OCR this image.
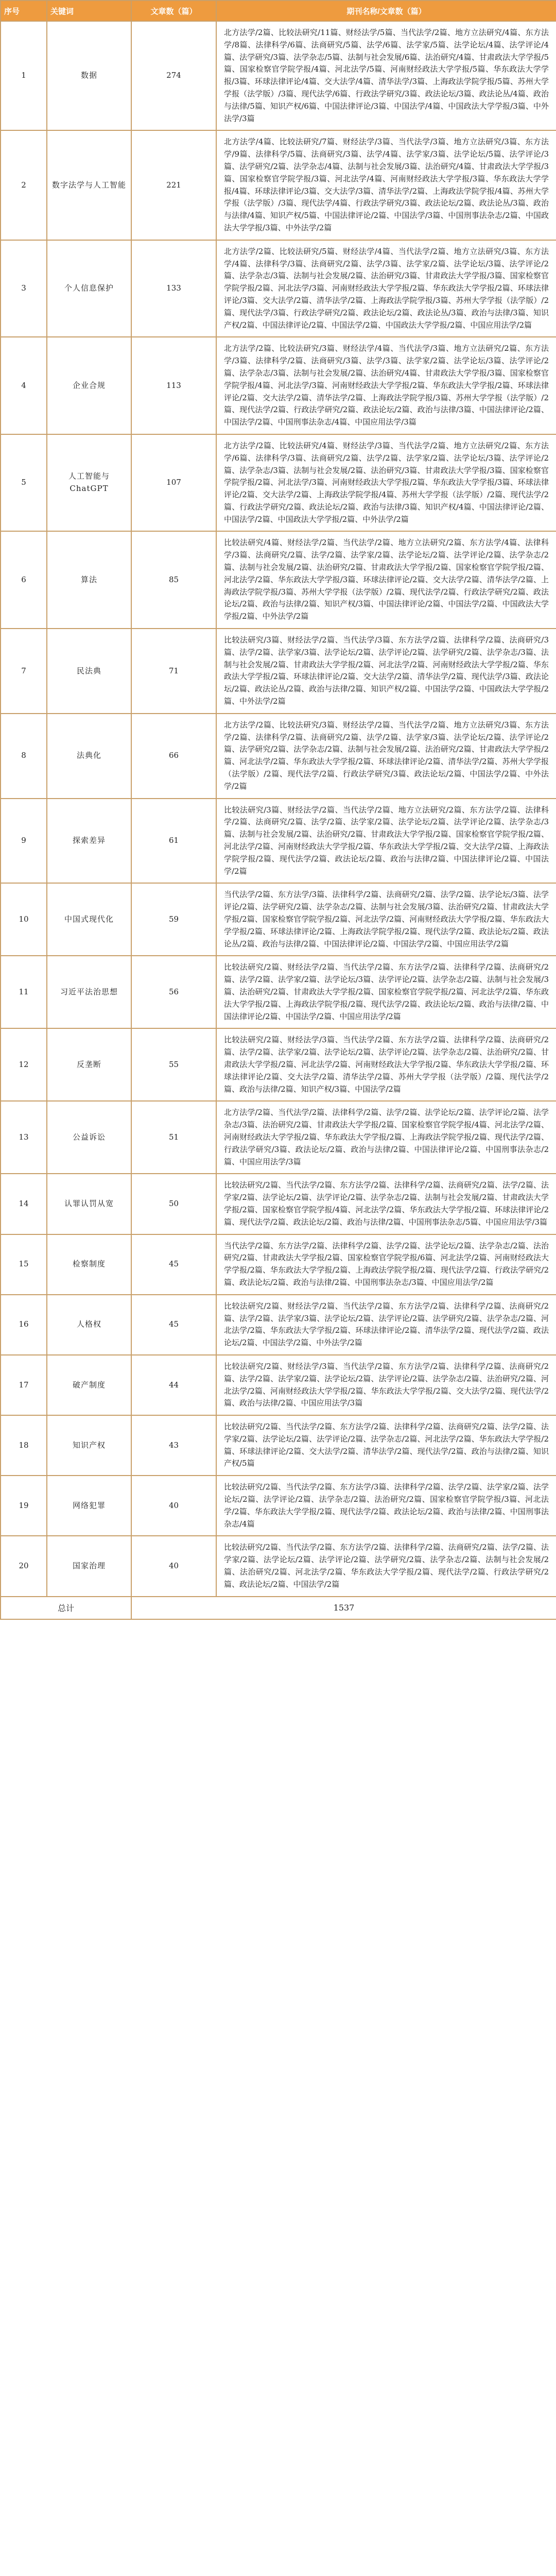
序号	关键词	文章数（篇）	期刊名称/文章数（篇）
1	数据	274	北方法学/2篇、比较法研究/11篇、财经法学/5篇、当代法学/2篇、地方立法研究/4篇、东方法学/8篇、法律科学/6篇、法商研究/5篇、法学/6篇、法学家/5篇、法学论坛/4篇、法学评论/4篇、法学研究/3篇、法学杂志/5篇、法制与社会发展/6篇、法治研究/4篇、甘肃政法大学学报/5篇、国家检察官学院学报/4篇、河北法学/5篇、河南财经政法大学学报/5篇、华东政法大学学报/3篇、环球法律评论/4篇、交大法学/4篇、清华法学/3篇、上海政法学院学报/5篇、苏州大学学报（法学版）/3篇、现代法学/6篇、行政法学研究/3篇、政法论坛/3篇、政法论丛/4篇、政治与法律/5篇、知识产权/6篇、中国法律评论/3篇、中国法学/4篇、中国政法大学学报/3篇、中外法学/3篇
2	数字法学与人工智能	221	北方法学/4篇、比较法研究/7篇、财经法学/3篇、当代法学/3篇、地方立法研究/3篇、东方法学/9篇、法律科学/5篇、法商研究/3篇、法学/4篇、法学家/3篇、法学论坛/5篇、法学评论/3篇、法学研究/2篇、法学杂志/4篇、法制与社会发展/3篇、法治研究/4篇、甘肃政法大学学报/3篇、国家检察官学院学报/3篇、河北法学/4篇、河南财经政法大学学报/3篇、华东政法大学学报/4篇、环球法律评论/3篇、交大法学/3篇、清华法学/2篇、上海政法学院学报/4篇、苏州大学学报（法学版）/3篇、现代法学/4篇、行政法学研究/3篇、政法论坛/2篇、政法论丛/3篇、政治与法律/4篇、知识产权/5篇、中国法律评论/2篇、中国法学/3篇、中国刑事法杂志/2篇、中国政法大学学报/3篇、中外法学/2篇
3	个人信息保护	133	北方法学/2篇、比较法研究/5篇、财经法学/4篇、当代法学/2篇、地方立法研究/3篇、东方法学/4篇、法律科学/3篇、法商研究/2篇、法学/3篇、法学家/2篇、法学论坛/3篇、法学评论/2篇、法学杂志/3篇、法制与社会发展/2篇、法治研究/3篇、甘肃政法大学学报/3篇、国家检察官学院学报/2篇、河北法学/3篇、河南财经政法大学学报/2篇、华东政法大学学报/2篇、环球法律评论/3篇、交大法学/2篇、清华法学/2篇、上海政法学院学报/3篇、苏州大学学报（法学版）/2篇、现代法学/3篇、行政法学研究/2篇、政法论坛/2篇、政法论丛/3篇、政治与法律/3篇、知识产权/2篇、中国法律评论/2篇、中国法学/2篇、中国政法大学学报/2篇、中国应用法学/2篇
4	企业合规	113	北方法学/2篇、比较法研究/3篇、财经法学/4篇、当代法学/3篇、地方立法研究/2篇、东方法学/3篇、法律科学/2篇、法商研究/3篇、法学/3篇、法学家/2篇、法学论坛/3篇、法学评论/2篇、法学杂志/3篇、法制与社会发展/2篇、法治研究/4篇、甘肃政法大学学报/3篇、国家检察官学院学报/4篇、河北法学/3篇、河南财经政法大学学报/2篇、华东政法大学学报/2篇、环球法律评论/2篇、交大法学/2篇、清华法学/2篇、上海政法学院学报/3篇、苏州大学学报（法学版）/2篇、现代法学/2篇、行政法学研究/2篇、政法论坛/2篇、政治与法律/3篇、中国法律评论/2篇、中国法学/2篇、中国刑事法杂志/4篇、中国应用法学/3篇
5	人工智能与ChatGPT	107	北方法学/2篇、比较法研究/4篇、财经法学/3篇、当代法学/2篇、地方立法研究/2篇、东方法学/6篇、法律科学/3篇、法商研究/2篇、法学/2篇、法学家/2篇、法学论坛/3篇、法学评论/2篇、法学杂志/3篇、法制与社会发展/2篇、法治研究/3篇、甘肃政法大学学报/3篇、国家检察官学院学报/2篇、河北法学/3篇、河南财经政法大学学报/2篇、华东政法大学学报/3篇、环球法律评论/2篇、交大法学/2篇、上海政法学院学报/4篇、苏州大学学报（法学版）/2篇、现代法学/2篇、行政法学研究/2篇、政法论坛/2篇、政治与法律/3篇、知识产权/4篇、中国法律评论/2篇、中国法学/2篇、中国政法大学学报/2篇、中外法学/2篇
6	算法	85	比较法研究/4篇、财经法学/2篇、当代法学/2篇、地方立法研究/2篇、东方法学/4篇、法律科学/3篇、法商研究/2篇、法学/2篇、法学家/2篇、法学论坛/2篇、法学评论/2篇、法学杂志/2篇、法制与社会发展/2篇、法治研究/2篇、甘肃政法大学学报/2篇、国家检察官学院学报/2篇、河北法学/2篇、华东政法大学学报/3篇、环球法律评论/2篇、交大法学/2篇、清华法学/2篇、上海政法学院学报/3篇、苏州大学学报（法学版）/2篇、现代法学/2篇、行政法学研究/2篇、政法论坛/2篇、政治与法律/2篇、知识产权/3篇、中国法律评论/2篇、中国法学/2篇、中国政法大学学报/2篇、中外法学/2篇
7	民法典	71	比较法研究/3篇、财经法学/2篇、当代法学/3篇、东方法学/2篇、法律科学/2篇、法商研究/3篇、法学/2篇、法学家/3篇、法学论坛/2篇、法学评论/2篇、法学研究/2篇、法学杂志/3篇、法制与社会发展/2篇、甘肃政法大学学报/2篇、河北法学/2篇、河南财经政法大学学报/2篇、华东政法大学学报/2篇、环球法律评论/2篇、交大法学/2篇、清华法学/2篇、现代法学/3篇、政法论坛/2篇、政法论丛/2篇、政治与法律/2篇、知识产权/2篇、中国法学/2篇、中国政法大学学报/2篇、中外法学/2篇
8	法典化	66	北方法学/2篇、比较法研究/3篇、财经法学/2篇、当代法学/2篇、地方立法研究/3篇、东方法学/2篇、法律科学/2篇、法商研究/2篇、法学/2篇、法学家/3篇、法学论坛/2篇、法学评论/2篇、法学研究/2篇、法学杂志/2篇、法制与社会发展/2篇、法治研究/2篇、甘肃政法大学学报/2篇、河北法学/2篇、华东政法大学学报/2篇、环球法律评论/2篇、清华法学/2篇、苏州大学学报（法学版）/2篇、现代法学/2篇、行政法学研究/3篇、政法论坛/2篇、中国法学/2篇、中外法学/2篇
9	探索差异	61	比较法研究/3篇、财经法学/2篇、当代法学/2篇、地方立法研究/2篇、东方法学/2篇、法律科学/2篇、法商研究/2篇、法学/2篇、法学家/2篇、法学论坛/2篇、法学评论/2篇、法学杂志/3篇、法制与社会发展/2篇、法治研究/2篇、甘肃政法大学学报/2篇、国家检察官学院学报/2篇、河北法学/2篇、河南财经政法大学学报/2篇、华东政法大学学报/2篇、交大法学/2篇、上海政法学院学报/2篇、现代法学/2篇、政法论坛/2篇、政治与法律/2篇、中国法律评论/2篇、中国法学/2篇
10	中国式现代化	59	当代法学/2篇、东方法学/3篇、法律科学/2篇、法商研究/2篇、法学/2篇、法学论坛/3篇、法学评论/2篇、法学研究/2篇、法学杂志/2篇、法制与社会发展/3篇、法治研究/2篇、甘肃政法大学学报/2篇、国家检察官学院学报/2篇、河北法学/2篇、河南财经政法大学学报/2篇、华东政法大学学报/2篇、环球法律评论/2篇、上海政法学院学报/2篇、现代法学/2篇、政法论坛/2篇、政法论丛/2篇、政治与法律/2篇、中国法律评论/2篇、中国法学/2篇、中国应用法学/2篇
11	习近平法治思想	56	比较法研究/2篇、财经法学/2篇、当代法学/2篇、东方法学/2篇、法律科学/2篇、法商研究/2篇、法学/2篇、法学家/2篇、法学论坛/3篇、法学评论/2篇、法学杂志/2篇、法制与社会发展/3篇、法治研究/2篇、甘肃政法大学学报/2篇、国家检察官学院学报/2篇、河北法学/2篇、华东政法大学学报/2篇、上海政法学院学报/2篇、现代法学/2篇、政法论坛/2篇、政治与法律/2篇、中国法律评论/2篇、中国法学/2篇、中国应用法学/2篇
12	反垄断	55	比较法研究/2篇、财经法学/3篇、当代法学/2篇、东方法学/2篇、法律科学/2篇、法商研究/2篇、法学/2篇、法学家/2篇、法学论坛/2篇、法学评论/2篇、法学杂志/2篇、法治研究/2篇、甘肃政法大学学报/2篇、河北法学/2篇、河南财经政法大学学报/2篇、华东政法大学学报/2篇、环球法律评论/2篇、交大法学/2篇、清华法学/2篇、苏州大学学报（法学版）/2篇、现代法学/2篇、政治与法律/2篇、知识产权/3篇、中国法学/2篇
13	公益诉讼	51	北方法学/2篇、当代法学/2篇、法律科学/2篇、法学/2篇、法学论坛/2篇、法学评论/2篇、法学杂志/3篇、法治研究/2篇、甘肃政法大学学报/2篇、国家检察官学院学报/4篇、河北法学/2篇、河南财经政法大学学报/2篇、华东政法大学学报/2篇、上海政法学院学报/2篇、现代法学/2篇、行政法学研究/3篇、政法论坛/2篇、政治与法律/2篇、中国法律评论/2篇、中国刑事法杂志/2篇、中国应用法学/3篇
14	认罪认罚从宽	50	比较法研究/2篇、当代法学/2篇、东方法学/2篇、法律科学/2篇、法商研究/2篇、法学/2篇、法学家/2篇、法学论坛/2篇、法学评论/2篇、法学杂志/2篇、法制与社会发展/2篇、甘肃政法大学学报/2篇、国家检察官学院学报/4篇、河北法学/2篇、华东政法大学学报/2篇、环球法律评论/2篇、现代法学/2篇、政法论坛/2篇、政治与法律/2篇、中国刑事法杂志/5篇、中国应用法学/3篇
15	检察制度	45	当代法学/2篇、东方法学/2篇、法律科学/2篇、法学/2篇、法学论坛/2篇、法学杂志/2篇、法治研究/2篇、甘肃政法大学学报/2篇、国家检察官学院学报/6篇、河北法学/2篇、河南财经政法大学学报/2篇、华东政法大学学报/2篇、上海政法学院学报/2篇、现代法学/2篇、行政法学研究/2篇、政法论坛/2篇、政治与法律/2篇、中国刑事法杂志/3篇、中国应用法学/2篇
16	人格权	45	比较法研究/2篇、财经法学/2篇、当代法学/2篇、东方法学/2篇、法律科学/2篇、法商研究/2篇、法学/2篇、法学家/3篇、法学论坛/2篇、法学评论/2篇、法学研究/2篇、法学杂志/2篇、河北法学/2篇、华东政法大学学报/2篇、环球法律评论/2篇、清华法学/2篇、现代法学/2篇、政法论坛/2篇、中国法学/2篇、中外法学/2篇
17	破产制度	44	比较法研究/2篇、财经法学/3篇、当代法学/2篇、东方法学/2篇、法律科学/2篇、法商研究/2篇、法学/2篇、法学家/2篇、法学论坛/2篇、法学评论/2篇、法学杂志/2篇、法治研究/2篇、河北法学/2篇、河南财经政法大学学报/2篇、华东政法大学学报/2篇、交大法学/2篇、现代法学/2篇、政治与法律/2篇、中国应用法学/3篇
18	知识产权	43	比较法研究/2篇、当代法学/2篇、东方法学/2篇、法律科学/2篇、法商研究/2篇、法学/2篇、法学家/2篇、法学论坛/2篇、法学评论/2篇、法学杂志/2篇、河北法学/2篇、华东政法大学学报/2篇、环球法律评论/2篇、交大法学/2篇、清华法学/2篇、现代法学/2篇、政治与法律/2篇、知识产权/5篇
19	网络犯罪	40	比较法研究/2篇、当代法学/2篇、东方法学/3篇、法律科学/2篇、法学/2篇、法学家/2篇、法学论坛/2篇、法学评论/2篇、法学杂志/2篇、法治研究/2篇、国家检察官学院学报/3篇、河北法学/2篇、华东政法大学学报/2篇、现代法学/2篇、政法论坛/2篇、政治与法律/2篇、中国刑事法杂志/4篇
20	国家治理	40	比较法研究/2篇、当代法学/2篇、东方法学/2篇、法律科学/2篇、法商研究/2篇、法学/2篇、法学家/2篇、法学论坛/2篇、法学评论/2篇、法学研究/2篇、法学杂志/2篇、法制与社会发展/2篇、法治研究/2篇、河北法学/2篇、华东政法大学学报/2篇、现代法学/2篇、行政法学研究/2篇、政法论坛/2篇、中国法学/2篇
总计		1537	
